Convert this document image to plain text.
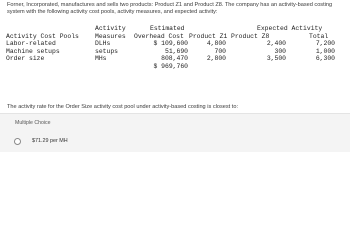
Forner, Incorporated, manufactures and sells two products: Product Z1 and Product Z8. The company has an activity-based costing system with the following activity cost pools, activity measures, and expected activity:
Activity	Estimated	Expected Activity
Activity Cost Pools	Measures Overhead Cost Product Z1 Product Z8	Total
Labor-related	DLHs	$ 109,600	4,800	2,400	7,200
Machine setups	setups	51,690	700	300	1,000
Order size	MHs	808,470	2,800	3,500	6,300
$ 969,760
The activity rate for the Order Size activity cost pool under activity-based costing is closest to:
Multiple Choice
$71.29 per MH
